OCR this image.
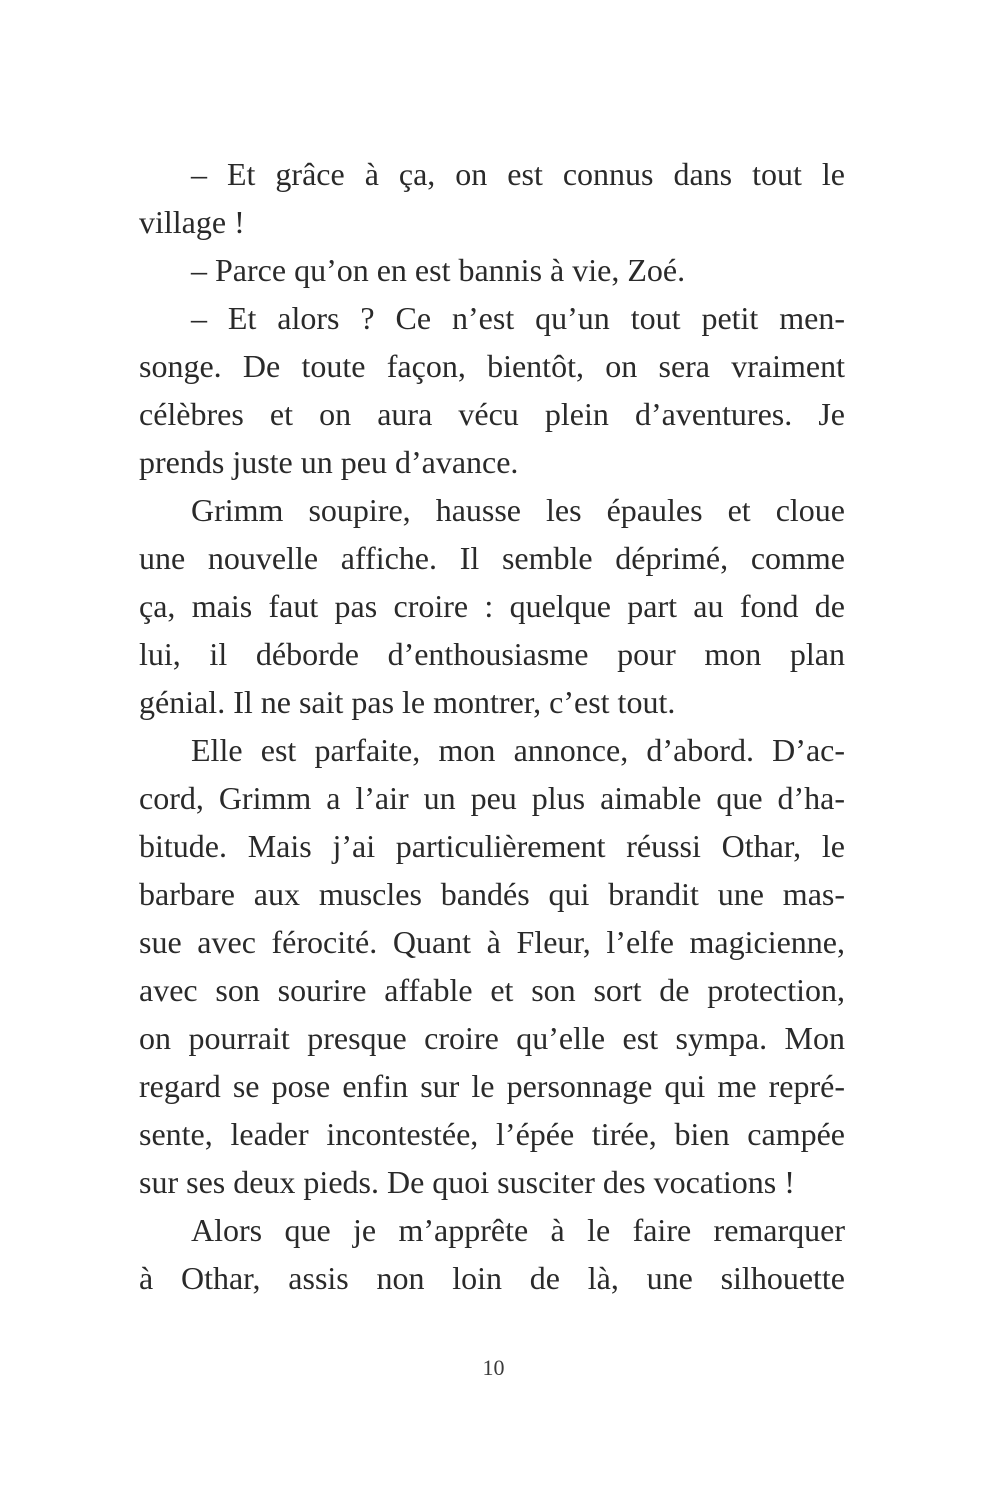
– Et grâce à ça, on est connus dans tout le
village !
– Parce qu’on en est bannis à vie, Zoé.
– Et alors ? Ce n’est qu’un tout petit men-
songe. De toute façon, bientôt, on sera vraiment
célèbres et on aura vécu plein d’aventures. Je
prends juste un peu d’avance.
Grimm soupire, hausse les épaules et cloue
une nouvelle affiche. Il semble déprimé, comme
ça, mais faut pas croire : quelque part au fond de
lui, il déborde d’enthousiasme pour mon plan
génial. Il ne sait pas le montrer, c’est tout.
Elle est parfaite, mon annonce, d’abord. D’ac-
cord, Grimm a l’air un peu plus aimable que d’ha-
bitude. Mais j’ai particulièrement réussi Othar, le
barbare aux muscles bandés qui brandit une mas-
sue avec férocité. Quant à Fleur, l’elfe magicienne,
avec son sourire affable et son sort de protection,
on pourrait presque croire qu’elle est sympa. Mon
regard se pose enfin sur le personnage qui me repré-
sente, leader incontestée, l’épée tirée, bien campée
sur ses deux pieds. De quoi susciter des vocations !
Alors que je m’apprête à le faire remarquer
à Othar, assis non loin de là, une silhouette
10
